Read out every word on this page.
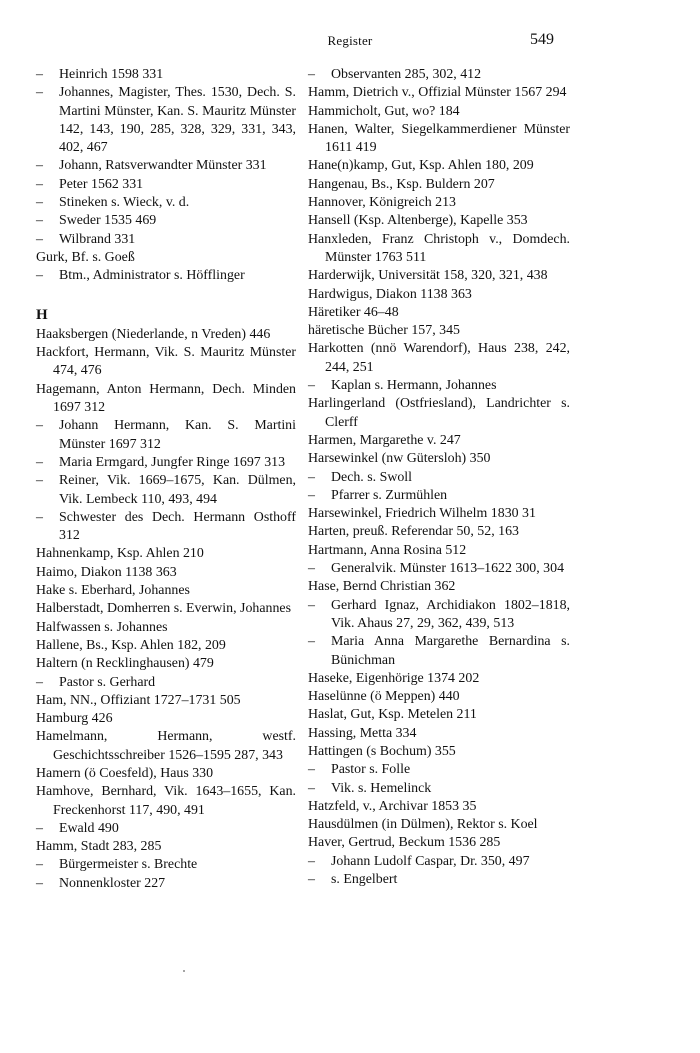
Register	549

– Heinrich 1598 331

– Johannes, Magister, Thes. 1530, Dech. S. Martini Münster, Kan. S. Mauritz Münster 142, 143, 190, 285, 328, 329, 331, 343, 402, 467

– Johann, Ratsverwandter Münster 331

– Peter 1562 331

– Stineken s. Wieck, v. d.

– Sweder 1535 469

– Wilbrand 331

Gurk, Bf. s. Goeß

– Btm., Administrator s. Höfflinger

H

Haaksbergen (Niederlande, n Vreden) 446

Hackfort, Hermann, Vik. S. Mauritz Münster 474, 476

Hagemann, Anton Hermann, Dech. Minden 1697 312

– Johann Hermann, Kan. S. Martini Münster 1697 312

– Maria Ermgard, Jungfer Ringe 1697 313

– Reiner, Vik. 1669–1675, Kan. Dülmen, Vik. Lembeck 110, 493, 494

– Schwester des Dech. Hermann Osthoff 312

Hahnenkamp, Ksp. Ahlen 210

Haimo, Diakon 1138 363

Hake s. Eberhard, Johannes

Halberstadt, Domherren s. Everwin, Johannes

Halfwassen s. Johannes

Hallene, Bs., Ksp. Ahlen 182, 209

Haltern (n Recklinghausen) 479

– Pastor s. Gerhard

Ham, NN., Offiziant 1727–1731 505

Hamburg 426

Hamelmann, Hermann, westf. Geschichtsschreiber 1526–1595 287, 343

Hamern (ö Coesfeld), Haus 330

Hamhove, Bernhard, Vik. 1643–1655, Kan. Freckenhorst 117, 490, 491

– Ewald 490

Hamm, Stadt 283, 285

– Bürgermeister s. Brechte

– Nonnenkloster 227

– Observanten 285, 302, 412

Hamm, Dietrich v., Offizial Münster 1567 294

Hammicholt, Gut, wo? 184

Hanen, Walter, Siegelkammerdiener Münster 1611 419

Hane(n)kamp, Gut, Ksp. Ahlen 180, 209

Hangenau, Bs., Ksp. Buldern 207

Hannover, Königreich 213

Hansell (Ksp. Altenberge), Kapelle 353

Hanxleden, Franz Christoph v., Domdech. Münster 1763 511

Harderwijk, Universität 158, 320, 321, 438

Hardwigus, Diakon 1138 363

Häretiker 46–48

häretische Bücher 157, 345

Harkotten (nnö Warendorf), Haus 238, 242, 244, 251

– Kaplan s. Hermann, Johannes

Harlingerland (Ostfriesland), Landrichter s. Clerff

Harmen, Margarethe v. 247

Harsewinkel (nw Gütersloh) 350

– Dech. s. Swoll

– Pfarrer s. Zurmühlen

Harsewinkel, Friedrich Wilhelm 1830 31

Harten, preuß. Referendar 50, 52, 163

Hartmann, Anna Rosina 512

– Generalvik. Münster 1613–1622 300, 304

Hase, Bernd Christian 362

– Gerhard Ignaz, Archidiakon 1802–1818, Vik. Ahaus 27, 29, 362, 439, 513

– Maria Anna Margarethe Bernardina s. Bünichman

Haseke, Eigenhörige 1374 202

Haselünne (ö Meppen) 440

Haslat, Gut, Ksp. Metelen 211

Hassing, Metta 334

Hattingen (s Bochum) 355

– Pastor s. Folle

– Vik. s. Hemelinck

Hatzfeld, v., Archivar 1853 35

Hausdülmen (in Dülmen), Rektor s. Koel

Haver, Gertrud, Beckum 1536 285

– Johann Ludolf Caspar, Dr. 350, 497

– s. Engelbert
